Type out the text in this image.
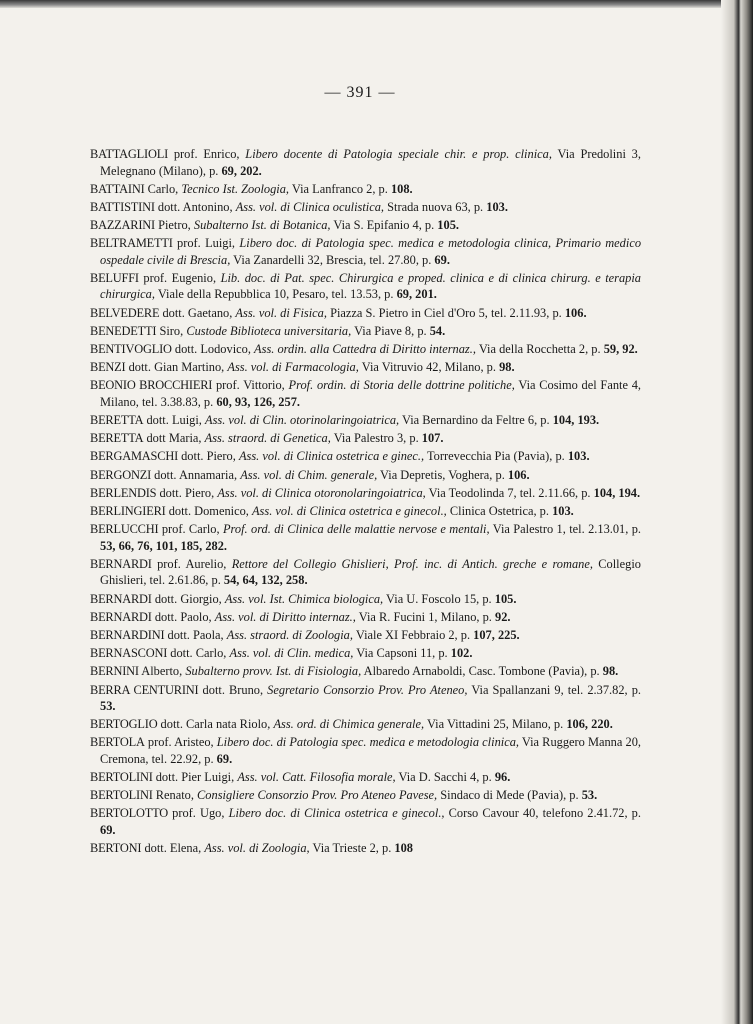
— 391 —
BATTAGLIOLI prof. Enrico, Libero docente di Patologia speciale chir. e prop. clinica, Via Predolini 3, Melegnano (Milano), p. 69, 202.
BATTAINI Carlo, Tecnico Ist. Zoologia, Via Lanfranco 2, p. 108.
BATTISTINI dott. Antonino, Ass. vol. di Clinica oculistica, Strada nuova 63, p. 103.
BAZZARINI Pietro, Subalterno Ist. di Botanica, Via S. Epifanio 4, p. 105.
BELTRAMETTI prof. Luigi, Libero doc. di Patologia spec. medica e metodologia clinica, Primario medico ospedale civile di Brescia, Via Zanardelli 32, Brescia, tel. 27.80, p. 69.
BELUFFI prof. Eugenio, Lib. doc. di Pat. spec. Chirurgica e proped. clinica e di clinica chirurg. e terapia chirurgica, Viale della Repubblica 10, Pesaro, tel. 13.53, p. 69, 201.
BELVEDERE dott. Gaetano, Ass. vol. di Fisica, Piazza S. Pietro in Ciel d'Oro 5, tel. 2.11.93, p. 106.
BENEDETTI Siro, Custode Biblioteca universitaria, Via Piave 8, p. 54.
BENTIVOGLIO dott. Lodovico, Ass. ordin. alla Cattedra di Diritto internaz., Via della Rocchetta 2, p. 59, 92.
BENZI dott. Gian Martino, Ass. vol. di Farmacologia, Via Vitruvio 42, Milano, p. 98.
BEONIO BROCCHIERI prof. Vittorio, Prof. ordin. di Storia delle dottrine politiche, Via Cosimo del Fante 4, Milano, tel. 3.38.83, p. 60, 93, 126, 257.
BERETTA dott. Luigi, Ass. vol. di Clin. otorinolaringoiatrica, Via Bernardino da Feltre 6, p. 104, 193.
BERETTA dott Maria, Ass. straord. di Genetica, Via Palestro 3, p. 107.
BERGAMASCHI dott. Piero, Ass. vol. di Clinica ostetrica e ginec., Torrevecchia Pia (Pavia), p. 103.
BERGONZI dott. Annamaria, Ass. vol. di Chim. generale, Via Depretis, Voghera, p. 106.
BERLENDIS dott. Piero, Ass. vol. di Clinica otoronolaringoiatrica, Via Teodolinda 7, tel. 2.11.66, p. 104, 194.
BERLINGIERI dott. Domenico, Ass. vol. di Clinica ostetrica e ginecol., Clinica Ostetrica, p. 103.
BERLUCCHI prof. Carlo, Prof. ord. di Clinica delle malattie nervose e mentali, Via Palestro 1, tel. 2.13.01, p. 53, 66, 76, 101, 185, 282.
BERNARDI prof. Aurelio, Rettore del Collegio Ghislieri, Prof. inc. di Antich. greche e romane, Collegio Ghislieri, tel. 2.61.86, p. 54, 64, 132, 258.
BERNARDI dott. Giorgio, Ass. vol. Ist. Chimica biologica, Via U. Foscolo 15, p. 105.
BERNARDI dott. Paolo, Ass. vol. di Diritto internaz., Via R. Fucini 1, Milano, p. 92.
BERNARDINI dott. Paola, Ass. straord. di Zoologia, Viale XI Febbraio 2, p. 107, 225.
BERNASCONI dott. Carlo, Ass. vol. di Clin. medica, Via Capsoni 11, p. 102.
BERNINI Alberto, Subalterno provv. Ist. di Fisiologia, Albaredo Arnaboldi, Casc. Tombone (Pavia), p. 98.
BERRA CENTURINI dott. Bruno, Segretario Consorzio Prov. Pro Ateneo, Via Spallanzani 9, tel. 2.37.82, p. 53.
BERTOGLIO dott. Carla nata Riolo, Ass. ord. di Chimica generale, Via Vittadini 25, Milano, p. 106, 220.
BERTOLA prof. Aristeo, Libero doc. di Patologia spec. medica e metodologia clinica, Via Ruggero Manna 20, Cremona, tel. 22.92, p. 69.
BERTOLINI dott. Pier Luigi, Ass. vol. Catt. Filosofia morale, Via D. Sacchi 4, p. 96.
BERTOLINI Renato, Consigliere Consorzio Prov. Pro Ateneo Pavese, Sindaco di Mede (Pavia), p. 53.
BERTOLOTTO prof. Ugo, Libero doc. di Clinica ostetrica e ginecol., Corso Cavour 40, telefono 2.41.72, p. 69.
BERTONI dott. Elena, Ass. vol. di Zoologia, Via Trieste 2, p. 108
